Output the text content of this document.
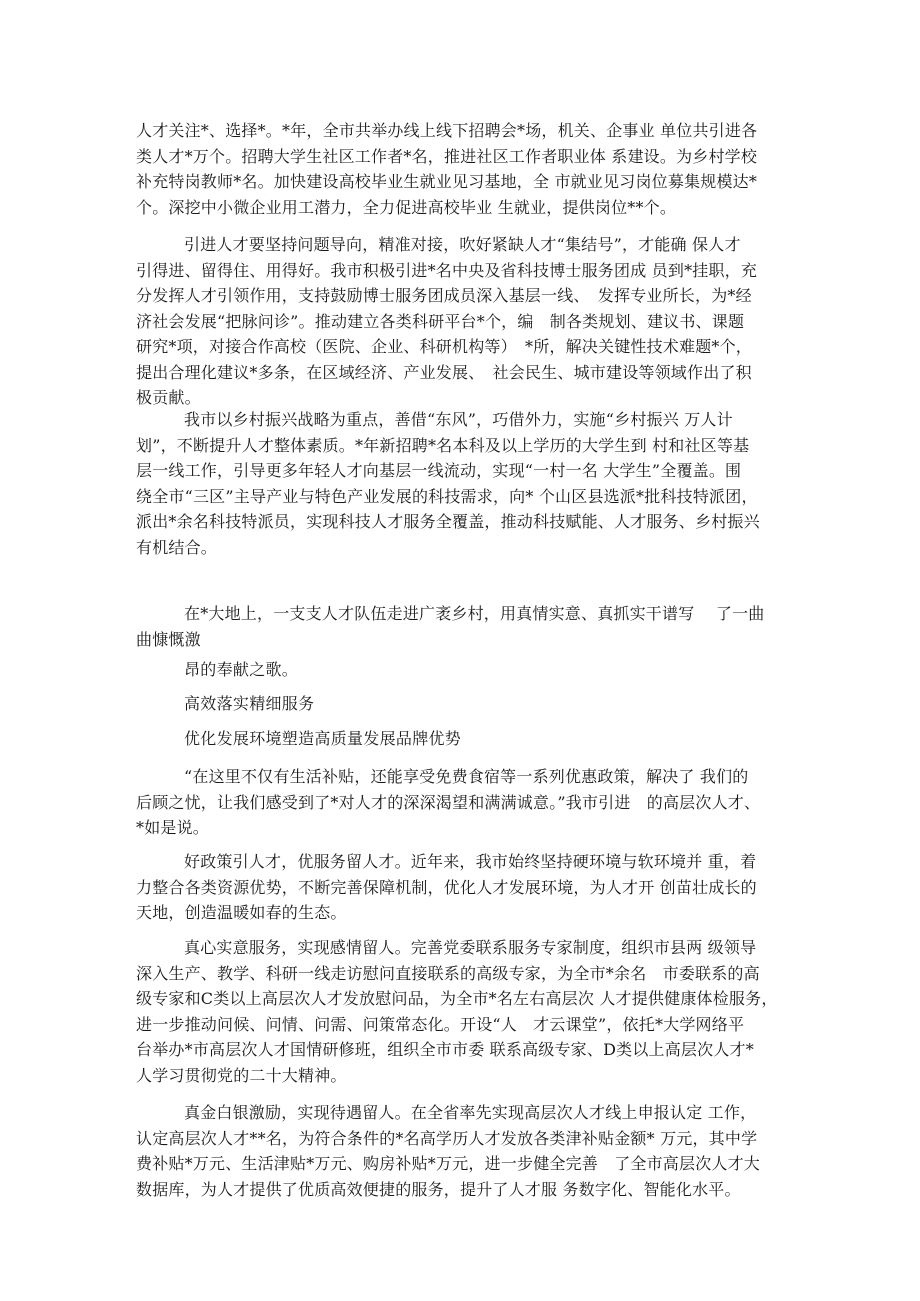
人才关注*、选择*。*年，全市共举办线上线下招聘会*场，机关、企事业 单位共引进各
类人才*万个。招聘大学生社区工作者*名，推进社区工作者职业体 系建设。为乡村学校
补充特岗教师*名。加快建设高校毕业生就业见习基地，全 市就业见习岗位募集规模达*
个。深挖中小微企业用工潜力，全力促进高校毕业 生就业，提供岗位**个。
引进人才要坚持问题导向，精准对接，吹好紧缺人才“集结号”，才能确 保人才
引得进、留得住、用得好。我市积极引进*名中央及省科技博士服务团成 员到*挂职，充
分发挥人才引领作用，支持鼓励博士服务团成员深入基层一线、　发挥专业所长，为*经
济社会发展“把脉问诊”。推动建立各类科研平台*个，编　制各类规划、建议书、课题
研究*项，对接合作高校（医院、企业、科研机构等）　*所，解决关键性技术难题*个，
提出合理化建议*多条，在区域经济、产业发展、　社会民生、城市建设等领域作出了积
极贡献。
我市以乡村振兴战略为重点，善借“东风”，巧借外力，实施“乡村振兴 万人计
划”，不断提升人才整体素质。*年新招聘*名本科及以上学历的大学生到 村和社区等基
层一线工作，引导更多年轻人才向基层一线流动，实现“一村一名 大学生”全覆盖。围
绕全市“三区”主导产业与特色产业发展的科技需求，向* 个山区县选派*批科技特派团，
派出*余名科技特派员，实现科技人才服务全覆盖，推动科技赋能、人才服务、乡村振兴
有机结合。
在*大地上，一支支人才队伍走进广袤乡村，用真情实意、真抓实干谱写　 了一曲
曲慷慨激
昂的奉献之歌。
高效落实精细服务
优化发展环境塑造高质量发展品牌优势
“在这里不仅有生活补贴，还能享受免费食宿等一系列优惠政策，解决了 我们的
后顾之忧，让我们感受到了*对人才的深深渴望和满满诚意。”我市引进　的高层次人才、
*如是说。
好政策引人才，优服务留人才。近年来，我市始终坚持硬环境与软环境并 重，着
力整合各类资源优势，不断完善保障机制，优化人才发展环境，为人才开 创苗壮成长的
天地，创造温暖如春的生态。
真心实意服务，实现感情留人。完善党委联系服务专家制度，组织市县两 级领导
深入生产、教学、科研一线走访慰问直接联系的高级专家，为全市*余名　市委联系的高
级专家和C类以上高层次人才发放慰问品，为全市*名左右高层次 人才提供健康体检服务，
进一步推动问候、问情、问需、问策常态化。开设“人　才云课堂”，依托*大学网络平
台举办*市高层次人才国情研修班，组织全市市委 联系高级专家、D类以上高层次人才*
人学习贯彻党的二十大精神。
真金白银激励，实现待遇留人。在全省率先实现高层次人才线上申报认定 工作，
认定高层次人才**名，为符合条件的*名高学历人才发放各类津补贴金额* 万元，其中学
费补贴*万元、生活津贴*万元、购房补贴*万元，进一步健全完善　了全市高层次人才大
数据库，为人才提供了优质高效便捷的服务，提升了人才服 务数字化、智能化水平。
